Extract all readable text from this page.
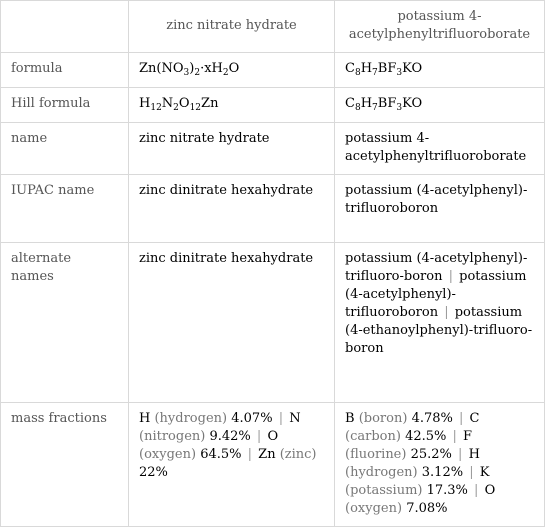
	zinc nitrate hydrate	potassium 4-acetylphenyltrifluoroborate
formula	$Zn(NO_3)_2\cdot xH_2O$	$C_8H_7BF_3KO$
Hill formula	$H_{12}N_2O_{12}Zn$	$C_8H_7BF_3KO$
name	zinc nitrate hydrate	potassium 4-acetylphenyltrifluoroborate
IUPAC name	zinc dinitrate hexahydrate	potassium (4-acetylphenyl)-trifluoroboron
alternate names	zinc dinitrate hexahydrate	potassium (4-acetylphenyl)-trifluoro-boron | potassium (4-acetylphenyl)-trifluoroboron | potassium (4-ethanoylphenyl)-trifluoro-boron
mass fractions	H (hydrogen) 4.07% | N (nitrogen) 9.42% | O (oxygen) 64.5% | Zn (zinc) 22%	B (boron) 4.78% | C (carbon) 42.5% | F (fluorine) 25.2% | H (hydrogen) 3.12% | K (potassium) 17.3% | O (oxygen) 7.08%
